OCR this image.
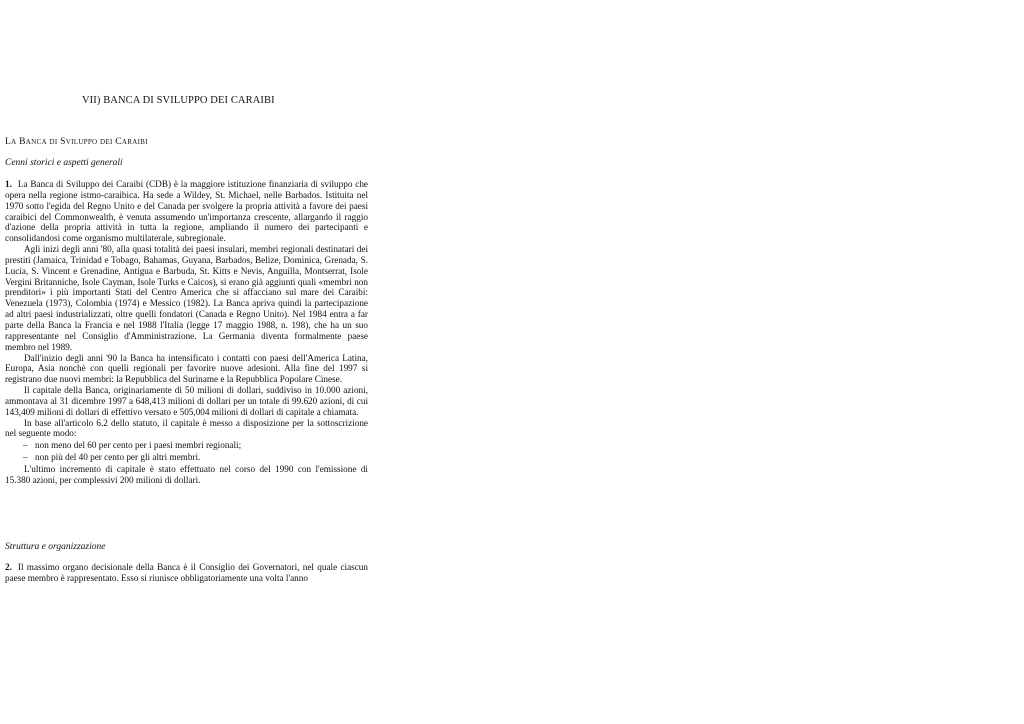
VII) BANCA DI SVILUPPO DEI CARAIBI
La Banca di Sviluppo dei Caraibi
Cenni storici e aspetti generali

1. La Banca di Sviluppo dei Caraibi (CDB) è la maggiore istituzione finanziaria di sviluppo che opera nella regione istmo-caraibica. Ha sede a Wildey, St. Michael, nelle Barbados. Istituita nel 1970 sotto l'egida del Regno Unito e del Canada per svolgere la propria attività a favore dei paesi caraibici del Commonwealth, è venuta assumendo un'importanza crescente, allargando il raggio d'azione della propria attività in tutta la regione, ampliando il numero dei partecipanti e consolidandosi come organismo multilaterale, subregionale.

Agli inizi degli anni '80, alla quasi totalità dei paesi insulari, membri regionali destinatari dei prestiti (Jamaica, Trinidad e Tobago, Bahamas, Guyana, Barbados, Belize, Dominica, Grenada, S. Lucia, S. Vincent e Grenadine, Antigua e Barbuda, St. Kitts e Nevis, Anguilla, Montserrat, Isole Vergini Britanniche, Isole Cayman, Isole Turks e Caicos), si erano già aggiunti quali «membri non prenditori» i più importanti Stati del Centro America che si affacciano sul mare dei Caraibi: Venezuela (1973), Colombia (1974) e Messico (1982). La Banca apriva quindi la partecipazione ad altri paesi industrializzati, oltre quelli fondatori (Canada e Regno Unito). Nel 1984 entra a far parte della Banca la Francia e nel 1988 l'Italia (legge 17 maggio 1988, n. 198), che ha un suo rappresentante nel Consiglio d'Amministrazione. La Germania diventa formalmente paese membro nel 1989.

Dall'inizio degli anni '90 la Banca ha intensificato i contatti con paesi dell'America Latina, Europa, Asia nonchè con quelli regionali per favorire nuove adesioni. Alla fine del 1997 si registrano due nuovi membri: la Repubblica del Suriname e la Repubblica Popolare Cinese.

Il capitale della Banca, originariamente di 50 milioni di dollari, suddiviso in 10.000 azioni, ammontava al 31 dicembre 1997 a 648,413 milioni di dollari per un totale di 99.620 azioni, di cui 143,409 milioni di dollari di effettivo versato e 505,004 milioni di dollari di capitale a chiamata.

In base all'articolo 6.2 dello statuto, il capitale è messo a disposizione per la sottoscrizione nel seguente modo:

– non meno del 60 per cento per i paesi membri regionali;
– non più del 40 per cento per gli altri membri.

L'ultimo incremento di capitale è stato effettuato nel corso del 1990 con l'emissione di 15.380 azioni, per complessivi 200 milioni di dollari.

Struttura e organizzazione

2. Il massimo organo decisionale della Banca è il Consiglio dei Governatori, nel quale ciascun paese membro è rappresentato. Esso si riunisce obbligatoriamente una volta l'anno
